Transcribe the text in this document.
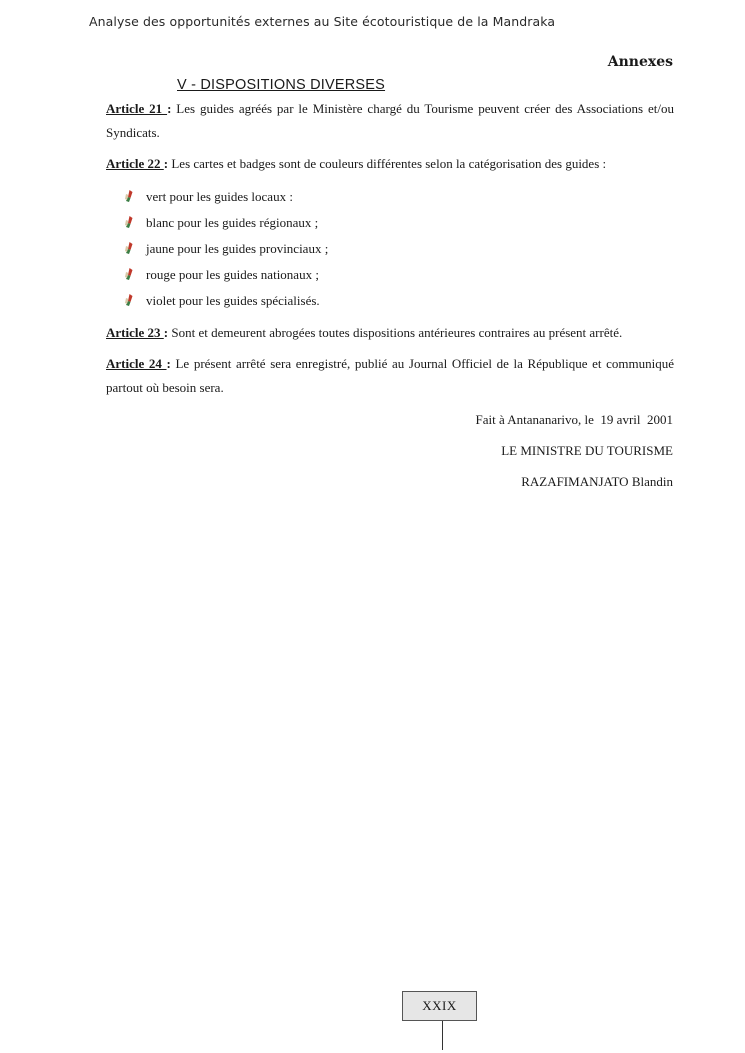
Analyse des opportunités externes au Site écotouristique de la Mandraka
Annexes
V - DISPOSITIONS DIVERSES
Article 21 : Les guides agréés par le Ministère chargé du Tourisme peuvent créer des Associations et/ou Syndicats.
Article 22 : Les cartes et badges sont de couleurs différentes selon la catégorisation des guides :
vert pour les guides locaux :
blanc pour les guides régionaux ;
jaune pour les guides provinciaux ;
rouge pour les guides nationaux ;
violet pour les guides spécialisés.
Article 23 : Sont et demeurent abrogées toutes dispositions antérieures contraires au présent arrêté.
Article 24 : Le présent arrêté sera enregistré, publié au Journal Officiel de la République et communiqué partout où besoin sera.
Fait à Antananarivo, le  19 avril  2001
LE MINISTRE DU TOURISME
RAZAFIMANJATO Blandin
XXIX
